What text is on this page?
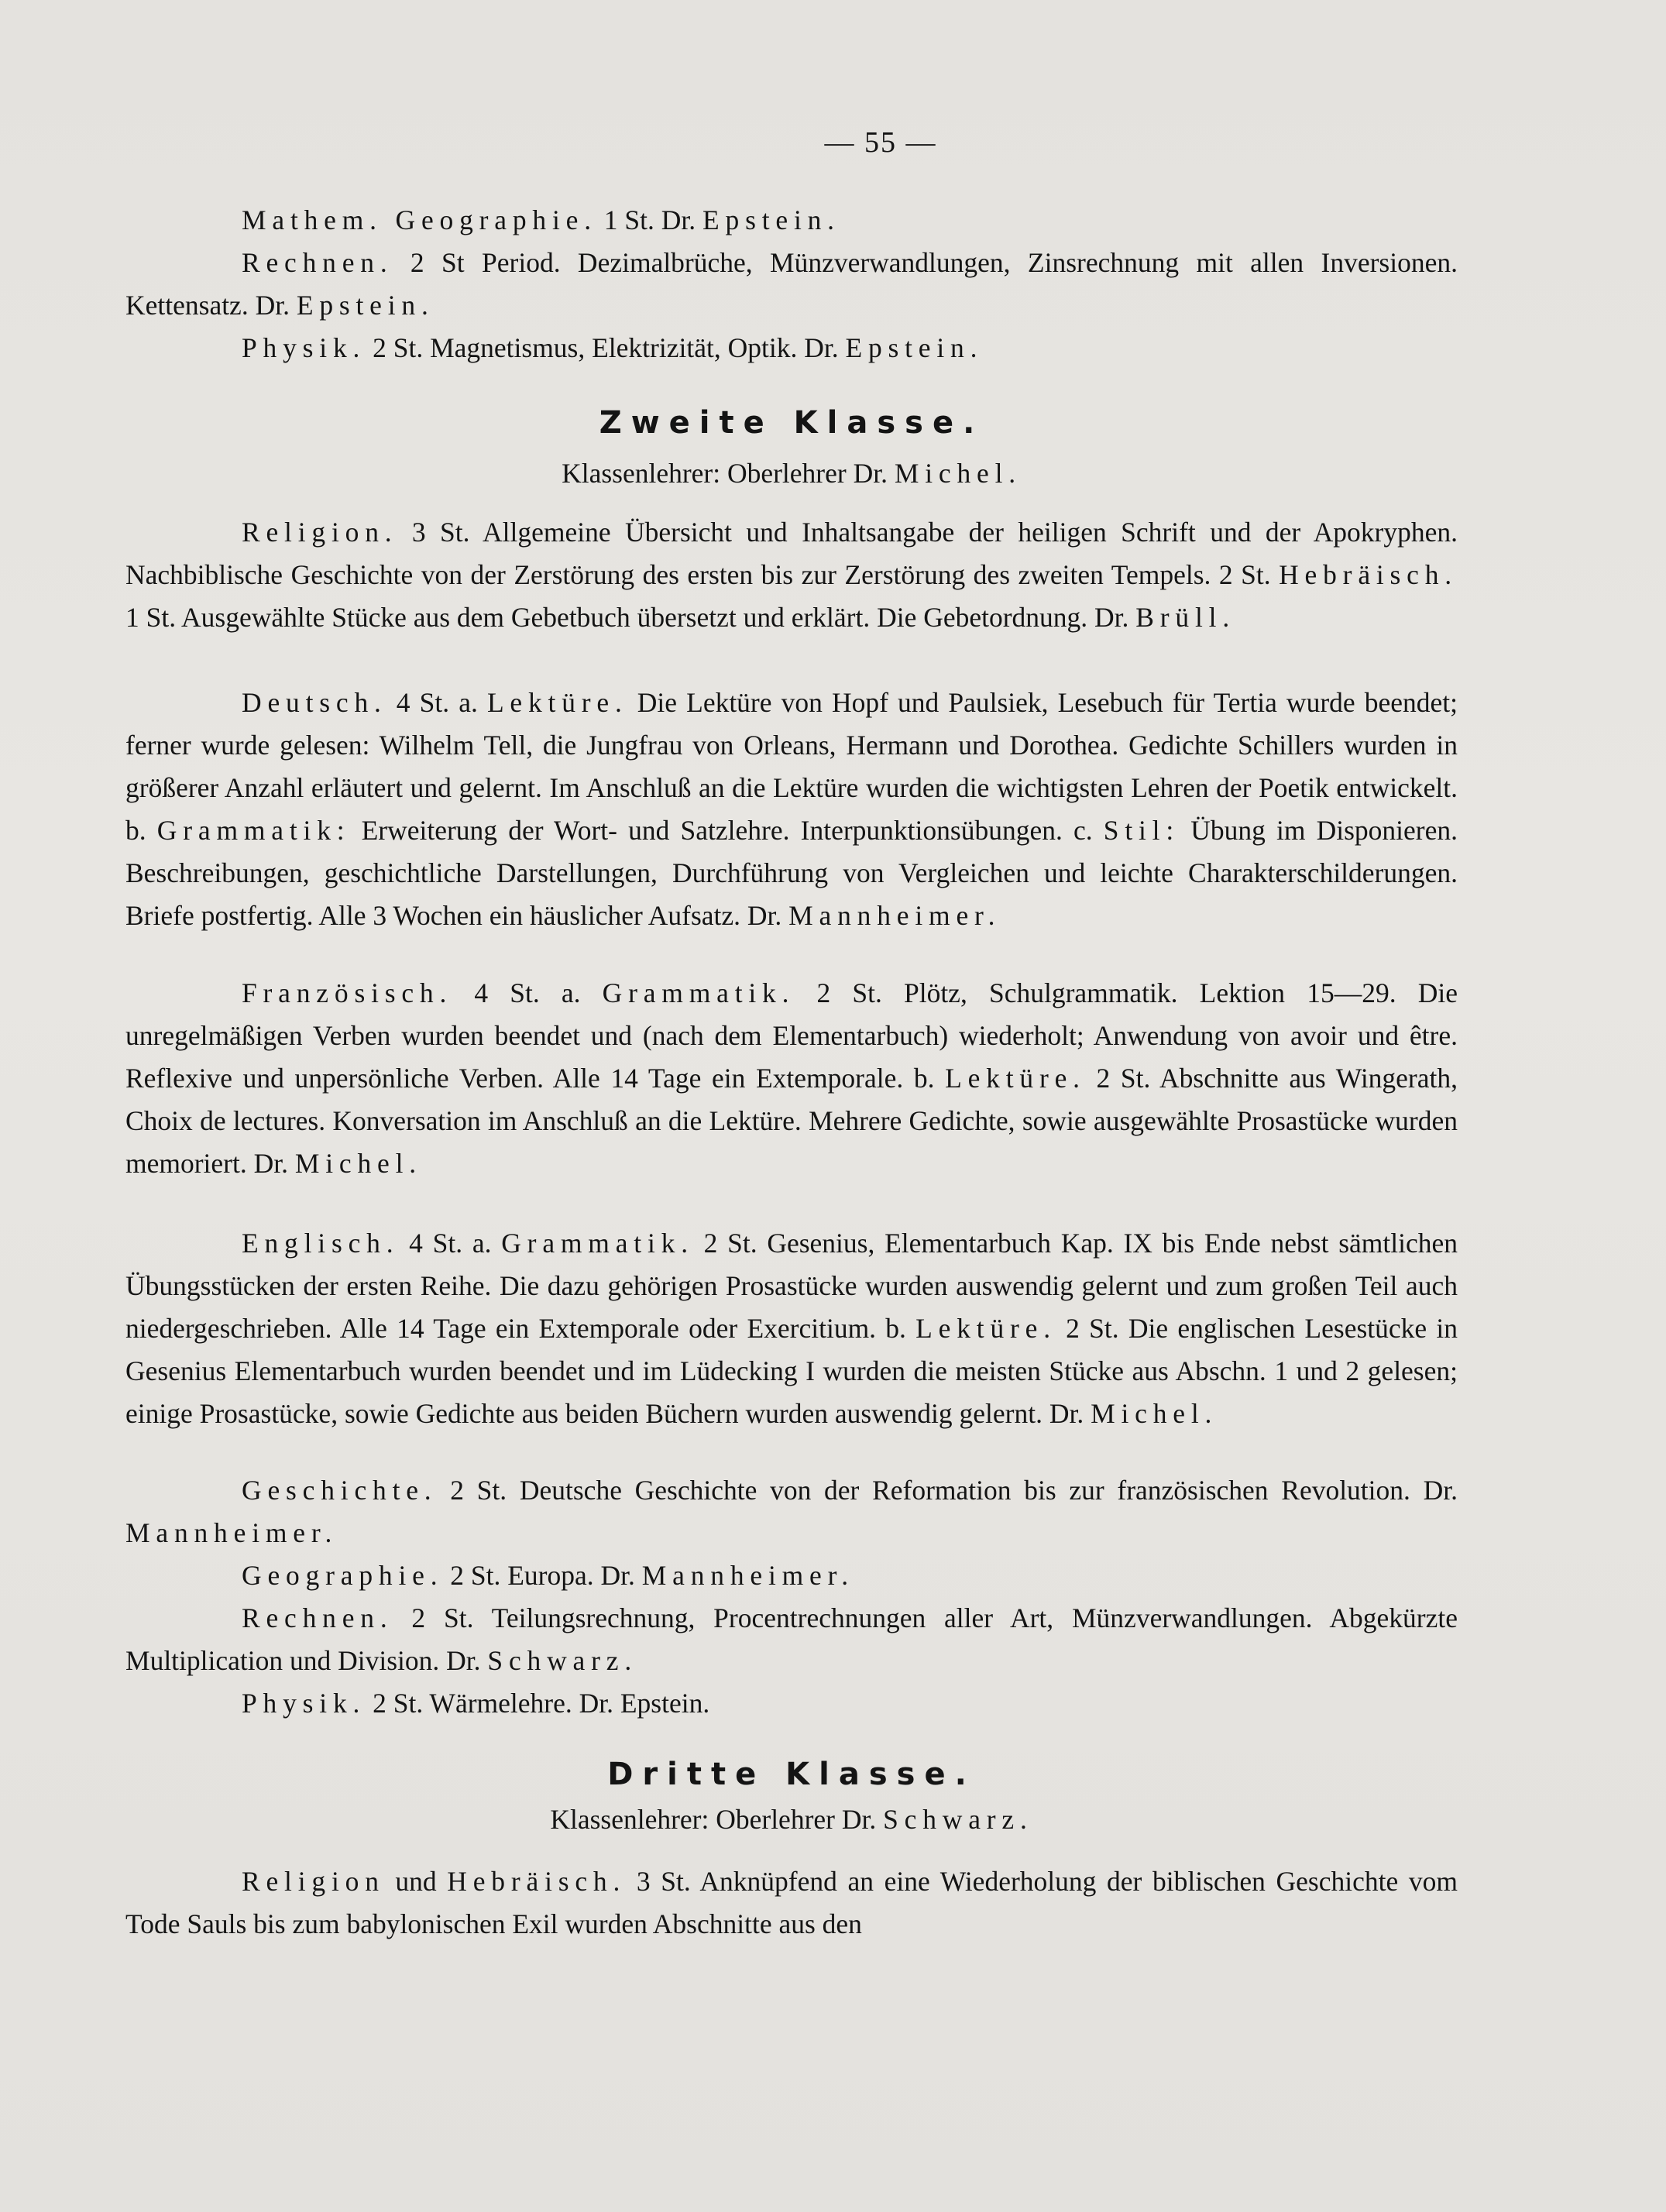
— 55 —

Mathem. Geographie. 1 St. Dr. Epstein.

Rechnen. 2 St Period. Dezimalbrüche, Münzverwandlungen, Zinsrechnung mit allen Inversionen. Kettensatz. Dr. Epstein.

Physik. 2 St. Magnetismus, Elektrizität, Optik. Dr. Epstein.

Zweite Klasse.
Klassenlehrer: Oberlehrer Dr. Michel.

Religion. 3 St. Allgemeine Übersicht und Inhaltsangabe der heiligen Schrift und der Apokryphen. Nachbiblische Geschichte von der Zerstörung des ersten bis zur Zerstörung des zweiten Tempels. 2 St. Hebräisch. 1 St. Ausgewählte Stücke aus dem Gebetbuch übersetzt und erklärt. Die Gebetordnung. Dr. Brüll.

Deutsch. 4 St. a. Lektüre. Die Lektüre von Hopf und Paulsiek, Lesebuch für Tertia wurde beendet; ferner wurde gelesen: Wilhelm Tell, die Jungfrau von Orleans, Hermann und Dorothea. Gedichte Schillers wurden in größerer Anzahl erläutert und gelernt. Im Anschluß an die Lektüre wurden die wichtigsten Lehren der Poetik entwickelt. b. Grammatik: Erweiterung der Wort- und Satzlehre. Interpunktionsübungen. c. Stil: Übung im Disponieren. Beschreibungen, geschichtliche Darstellungen, Durchführung von Vergleichen und leichte Charakterschilderungen. Briefe postfertig. Alle 3 Wochen ein häuslicher Aufsatz. Dr. Mannheimer.

Französisch. 4 St. a. Grammatik. 2 St. Plötz, Schulgrammatik. Lektion 15—29. Die unregelmäßigen Verben wurden beendet und (nach dem Elementarbuch) wiederholt; Anwendung von avoir und être. Reflexive und unpersönliche Verben. Alle 14 Tage ein Extemporale. b. Lektüre. 2 St. Abschnitte aus Wingerath, Choix de lectures. Konversation im Anschluß an die Lektüre. Mehrere Gedichte, sowie ausgewählte Prosastücke wurden memoriert. Dr. Michel.

Englisch. 4 St. a. Grammatik. 2 St. Gesenius, Elementarbuch Kap. IX bis Ende nebst sämtlichen Übungsstücken der ersten Reihe. Die dazu gehörigen Prosastücke wurden auswendig gelernt und zum großen Teil auch niedergeschrieben. Alle 14 Tage ein Extemporale oder Exercitium. b. Lektüre. 2 St. Die englischen Lesestücke in Gesenius Elementarbuch wurden beendet und im Lüdecking I wurden die meisten Stücke aus Abschn. 1 und 2 gelesen; einige Prosastücke, sowie Gedichte aus beiden Büchern wurden auswendig gelernt. Dr. Michel.

Geschichte. 2 St. Deutsche Geschichte von der Reformation bis zur französischen Revolution. Dr. Mannheimer.

Geographie. 2 St. Europa. Dr. Mannheimer.

Rechnen. 2 St. Teilungsrechnung, Procentrechnungen aller Art, Münzverwandlungen. Abgekürzte Multiplication und Division. Dr. Schwarz.

Physik. 2 St. Wärmelehre. Dr. Epstein.

Dritte Klasse.
Klassenlehrer: Oberlehrer Dr. Schwarz.

Religion und Hebräisch. 3 St. Anknüpfend an eine Wiederholung der biblischen Geschichte vom Tode Sauls bis zum babylonischen Exil wurden Abschnitte aus den
